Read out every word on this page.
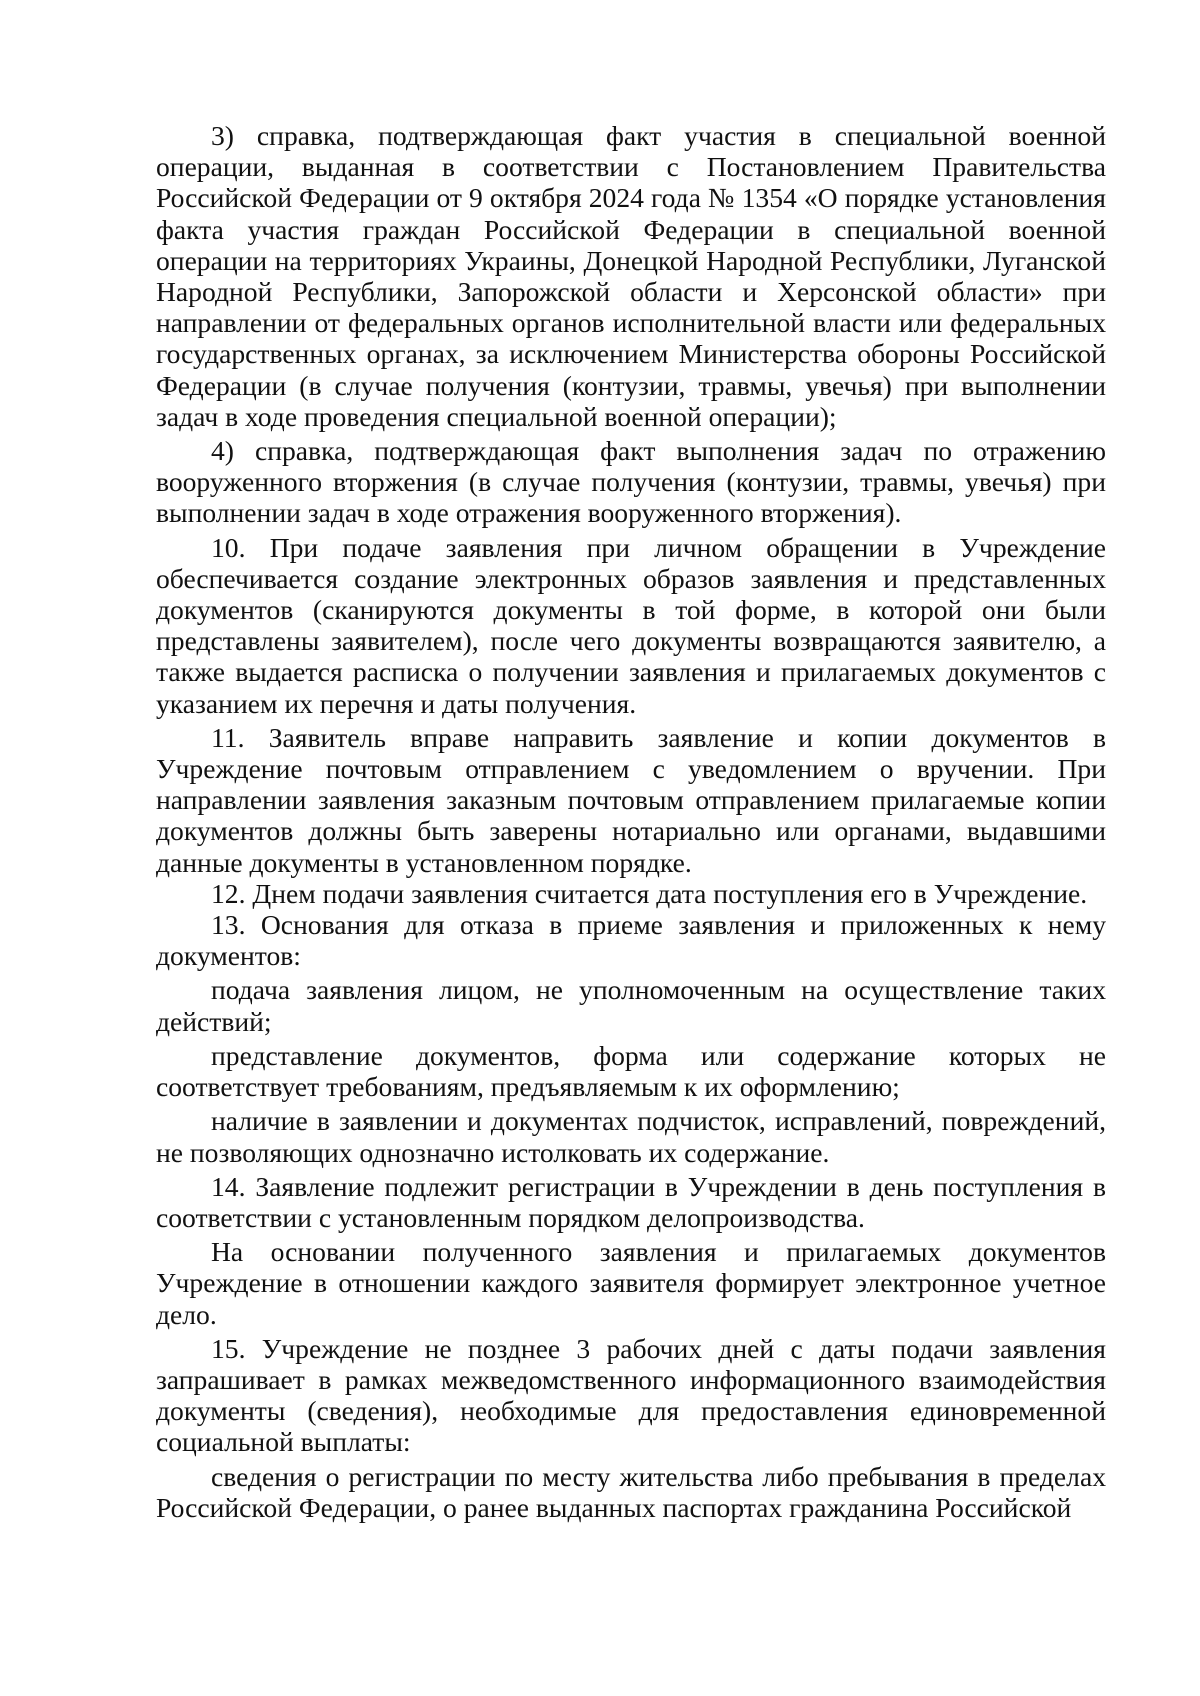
3) справка, подтверждающая факт участия в специальной военной операции, выданная в соответствии с Постановлением Правительства Российской Федерации от 9 октября 2024 года № 1354 «О порядке установления факта участия граждан Российской Федерации в специальной военной операции на территориях Украины, Донецкой Народной Республики, Луганской Народной Республики, Запорожской области и Херсонской области» при направлении от федеральных органов исполнительной власти или федеральных государственных органах, за исключением Министерства обороны Российской Федерации (в случае получения (контузии, травмы, увечья) при выполнении задач в ходе проведения специальной военной операции);

4) справка, подтверждающая факт выполнения задач по отражению вооруженного вторжения (в случае получения (контузии, травмы, увечья) при выполнении задач в ходе отражения вооруженного вторжения).

10. При подаче заявления при личном обращении в Учреждение обеспечивается создание электронных образов заявления и представленных документов (сканируются документы в той форме, в которой они были представлены заявителем), после чего документы возвращаются заявителю, а также выдается расписка о получении заявления и прилагаемых документов с указанием их перечня и даты получения.

11. Заявитель вправе направить заявление и копии документов в Учреждение почтовым отправлением с уведомлением о вручении. При направлении заявления заказным почтовым отправлением прилагаемые копии документов должны быть заверены нотариально или органами, выдавшими данные документы в установленном порядке.

12. Днем подачи заявления считается дата поступления его в Учреждение.

13. Основания для отказа в приеме заявления и приложенных к нему документов:

подача заявления лицом, не уполномоченным на осуществление таких действий;

представление документов, форма или содержание которых не соответствует требованиям, предъявляемым к их оформлению;

наличие в заявлении и документах подчисток, исправлений, повреждений, не позволяющих однозначно истолковать их содержание.

14. Заявление подлежит регистрации в Учреждении в день поступления в соответствии с установленным порядком делопроизводства.

На основании полученного заявления и прилагаемых документов Учреждение в отношении каждого заявителя формирует электронное учетное дело.

15. Учреждение не позднее 3 рабочих дней с даты подачи заявления запрашивает в рамках межведомственного информационного взаимодействия документы (сведения), необходимые для предоставления единовременной социальной выплаты:

сведения о регистрации по месту жительства либо пребывания в пределах Российской Федерации, о ранее выданных паспортах гражданина Российской
